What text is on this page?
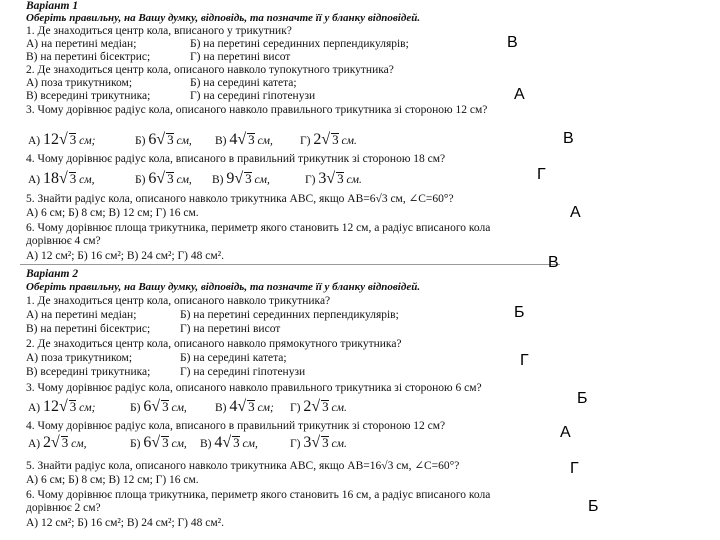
Варіант 1
Оберіть правильну, на Вашу думку, відповідь, та позначте її у бланку відповідей.
1. Де знаходиться центр кола, вписаного у трикутник?
А) на перетині медіан;	Б) на перетині серединних перпендикулярів;
В) на перетині бісектрис;	Г) на перетині висот
2. Де знаходиться центр кола, описаного навколо тупокутного трикутника?
А) поза трикутником;	Б) на середині катета;
В) всередині трикутника;	Г) на середині гіпотенузи
3. Чому дорівнює радіус кола, описаного навколо правильного трикутника зі стороною 12 см?
А) 12√ 3 см;	Б) 6√ 3 см, В) 4√ 3 см, Г) 2√ 3 см.
4. Чому дорівнює радіус кола, вписаного в правильний трикутник зі стороною 18 см?
А) 18√ 3 см,	Б) 6√ 3 см, В) 9√ 3 см,	Г) 3√ 3 см.
5. Знайти радіус кола, описаного навколо трикутника ABC, якщо AB=6√3 см, ∠C=60°?
А) 6 см; Б) 8 см; В) 12 см; Г) 16 см.
6. Чому дорівнює площа трикутника, периметр якого становить 12 см, а радіус вписаного кола
дорівнює 4 см?
А) 12 см²; Б) 16 см²; В) 24 см²; Г) 48 см².
Варіант 2
Оберіть правильну, на Вашу думку, відповідь, та позначте її у бланку відповідей.
1. Де знаходиться центр кола, описаного навколо трикутника?
А) на перетині медіан;	Б) на перетині серединних перпендикулярів;
В) на перетині бісектрис;	Г) на перетині висот
2. Де знаходиться центр кола, описаного навколо прямокутного трикутника?
А) поза трикутником;	Б) на середині катета;
В) всередині трикутника;	Г) на середині гіпотенузи
3. Чому дорівнює радіус кола, описаного навколо правильного трикутника зі стороною 6 см?
А) 12√ 3 см;	Б) 6√ 3 см, В) 4√ 3 см; Г) 2√ 3 см.
4. Чому дорівнює радіус кола, вписаного в правильний трикутник зі стороною 12 см?
А) 2√ 3 см,	Б) 6√ 3 см, В) 4√ 3 см,	Г) 3√ 3 см.
5. Знайти радіус кола, описаного навколо трикутника ABC, якщо AB=16√3 см, ∠C=60°?
А) 6 см; Б) 8 см; В) 12 см; Г) 16 см.
6. Чому дорівнює площа трикутника, периметр якого становить 16 см, а радіус вписаного кола
дорівнює 2 см?
А) 12 см²; Б) 16 см²; В) 24 см²; Г) 48 см².
В
А
В
Г
А
В
Б
Г
Б
А
Г
Б
